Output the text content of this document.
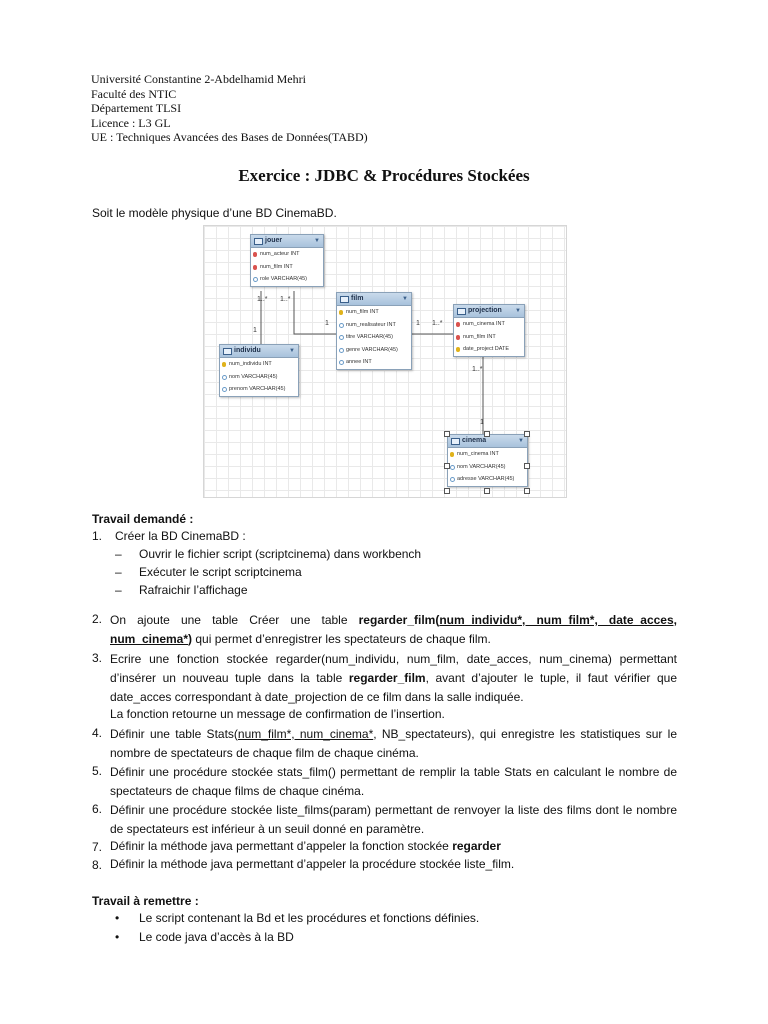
Université Constantine 2-Abdelhamid Mehri
Faculté des NTIC
Département TLSI
Licence : L3 GL
UE : Techniques Avancées des Bases de Données(TABD)
Exercice : JDBC & Procédures Stockées
Soit le modèle physique d’une BD CinemaBD.
jouer	▼
num_acteur INT
num_film INT
role VARCHAR(45)
individu	▼
num_individu INT
nom VARCHAR(45)
prenom VARCHAR(45)
film	▼
num_film INT
num_realisateur INT
titre VARCHAR(45)
genre VARCHAR(45)
annee INT
projection ▼
num_cinema INT
num_film INT
date_project DATE
cinema	▼
num_cinema INT
nom VARCHAR(45)
adresse VARCHAR(45)
1..* 1..*
1
1	1 1..*
1..*
1
Travail demandé :
1. Créer la BD CinemaBD :
– Ouvrir le fichier script (scriptcinema) dans workbench
– Exécuter le script scriptcinema
– Rafraichir l’affichage
2. On ajoute une table Créer une table regarder_film(num_individu*, num_film*, date_acces, num_cinema*) qui permet d’enregistrer les spectateurs de chaque film.
3. Ecrire une fonction stockée regarder(num_individu, num_film, date_acces, num_cinema) permettant d’insérer un nouveau tuple dans la table regarder_film, avant d’ajouter le tuple, il faut vérifier que date_acces correspondant à date_projection de ce film dans la salle indiquée.
La fonction retourne un message de confirmation de l’insertion.
4. Définir une table Stats(num_film*, num_cinema*, NB_spectateurs), qui enregistre les statistiques sur le nombre de spectateurs de chaque film de chaque cinéma.
5. Définir une procédure stockée stats_film() permettant de remplir la table Stats en calculant le nombre de spectateurs de chaque films de chaque cinéma.
6. Définir une procédure stockée liste_films(param) permettant de renvoyer la liste des films dont le nombre de spectateurs est inférieur à un seuil donné en paramètre.
7. Définir la méthode java permettant d’appeler la fonction stockée regarder
8. Définir la méthode java permettant d’appeler la procédure stockée liste_film.
Travail à remettre :
• Le script contenant la Bd et les procédures et fonctions définies.
• Le code java d’accès à la BD
